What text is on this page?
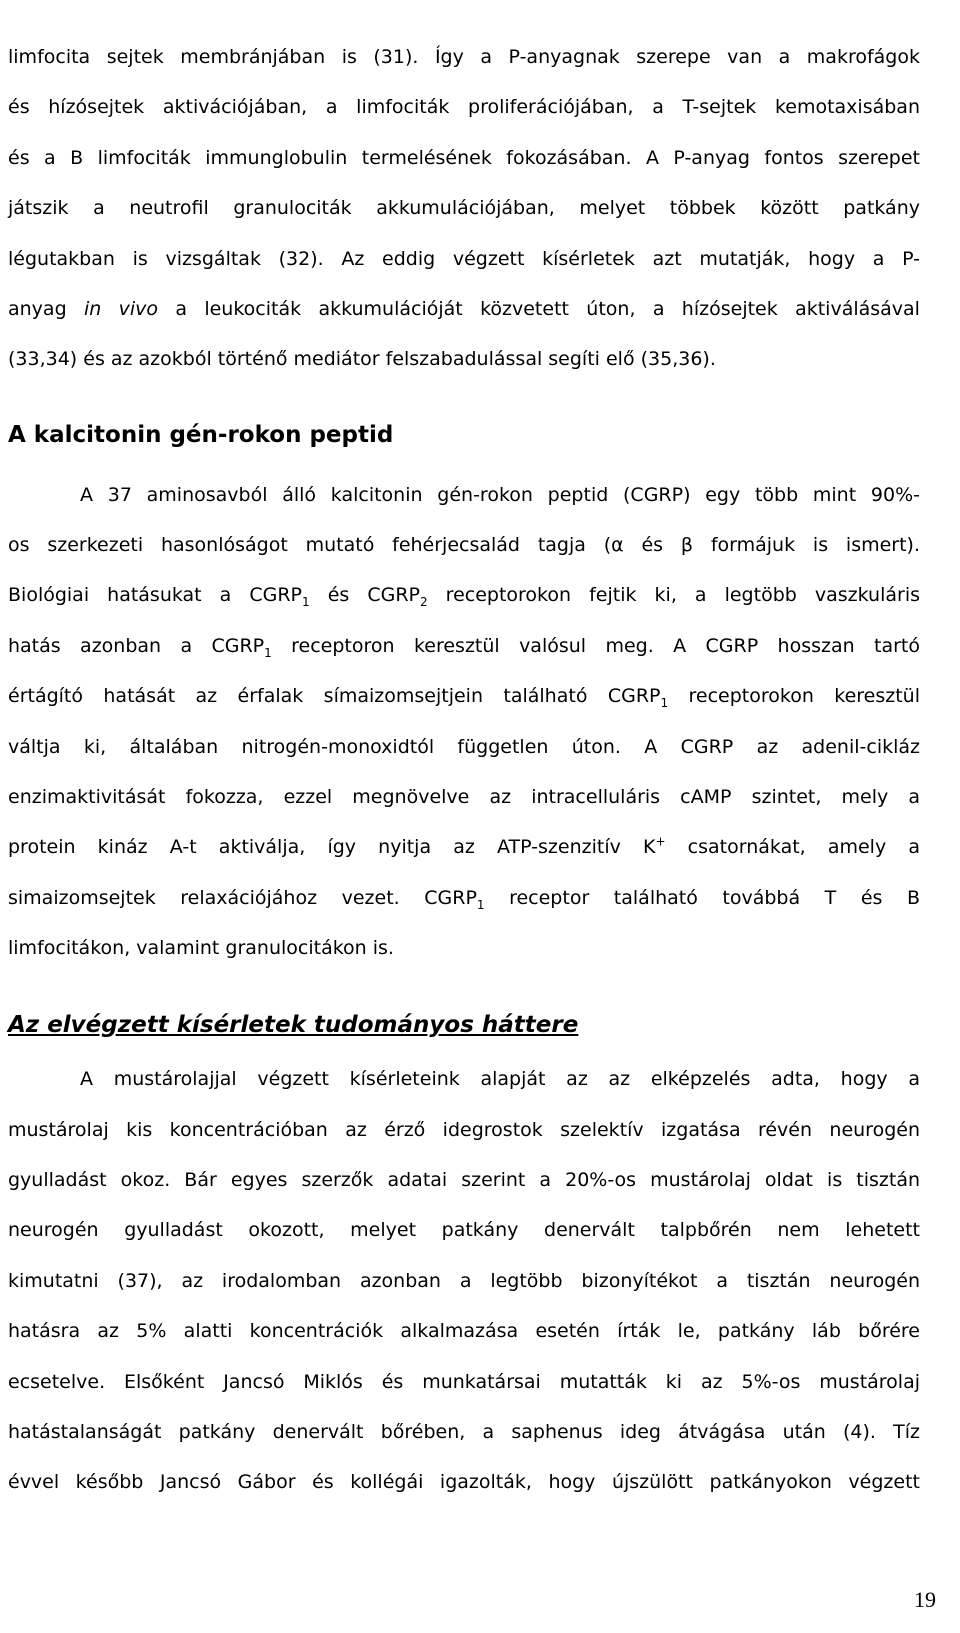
limfocita sejtek membránjában is (31). Így a P-anyagnak szerepe van a makrofágok
és hízósejtek aktivációjában, a limfociták proliferációjában, a T-sejtek kemotaxisában
és a B limfociták immunglobulin termelésének fokozásában. A P-anyag fontos szerepet
játszik a neutrofil granulociták akkumulációjában, melyet többek között patkány
légutakban is vizsgáltak (32). Az eddig végzett kísérletek azt mutatják, hogy a P-
anyag in vivo a leukociták akkumulációját közvetett úton, a hízósejtek aktiválásával
(33,34) és az azokból történő mediátor felszabadulással segíti elő (35,36).
A kalcitonin gén-rokon peptid
A 37 aminosavból álló kalcitonin gén-rokon peptid (CGRP) egy több mint 90%-
os szerkezeti hasonlóságot mutató fehérjecsalád tagja (α és β formájuk is ismert).
Biológiai hatásukat a $CGRP_1$ és $CGRP_2$ receptorokon fejtik ki, a legtöbb vaszkuláris
hatás azonban a $CGRP_1$ receptoron keresztül valósul meg. A CGRP hosszan tartó
értágító hatását az érfalak símaizomsejtjein található $CGRP_1$ receptorokon keresztül
váltja ki, általában nitrogén-monoxidtól független úton. A CGRP az adenil-cikláz
enzimaktivitását fokozza, ezzel megnövelve az intracelluláris cAMP szintet, mely a
protein kináz A-t aktiválja, így nyitja az ATP-szenzitív K+ csatornákat, amely a
simaizomsejtek relaxációjához vezet. $CGRP_1$ receptor található továbbá T és B
limfocitákon, valamint granulocitákon is.
Az elvégzett kísérletek tudományos háttere
A mustárolajjal végzett kísérleteink alapját az az elképzelés adta, hogy a
mustárolaj kis koncentrációban az érző idegrostok szelektív izgatása révén neurogén
gyulladást okoz. Bár egyes szerzők adatai szerint a 20%-os mustárolaj oldat is tisztán
neurogén gyulladást okozott, melyet patkány denervált talpbőrén nem lehetett
kimutatni (37), az irodalomban azonban a legtöbb bizonyítékot a tisztán neurogén
hatásra az 5% alatti koncentrációk alkalmazása esetén írták le, patkány láb bőrére
ecsetelve. Elsőként Jancsó Miklós és munkatársai mutatták ki az 5%-os mustárolaj
hatástalanságát patkány denervált bőrében, a saphenus ideg átvágása után (4). Tíz
évvel később Jancsó Gábor és kollégái igazolták, hogy újszülött patkányokon végzett
19
